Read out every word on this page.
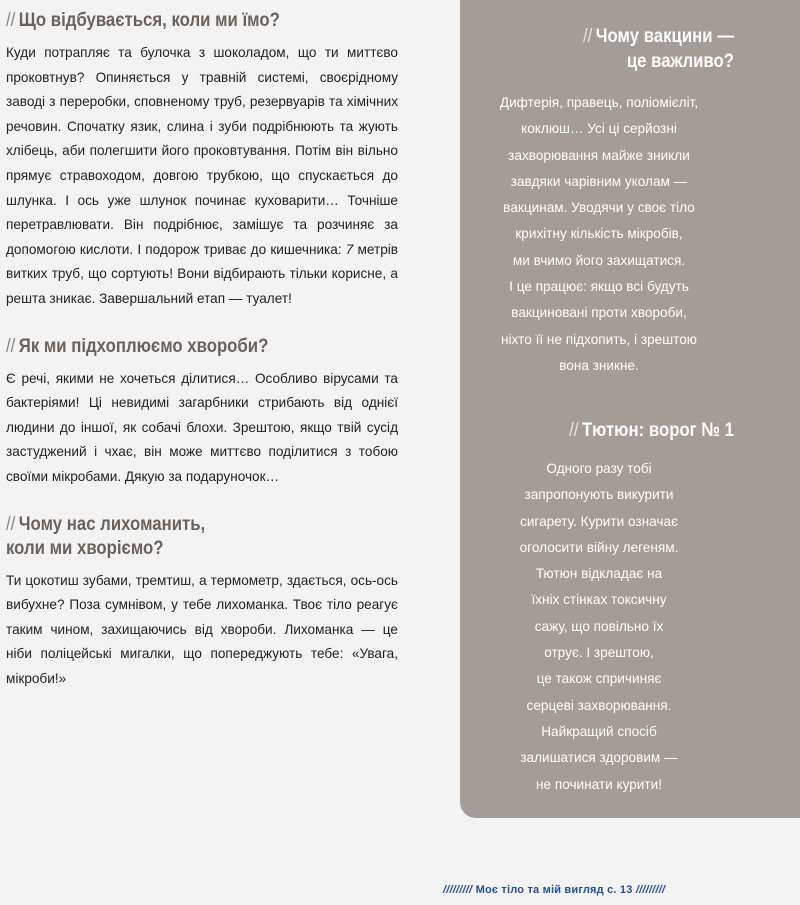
// Що відбувається, коли ми їмо?

Куди потрапляє та булочка з шоколадом, що ти миттєво проковтнув? Опиняється у травній системі, своєрідному заводі з переробки, сповненому труб, резервуарів та хімічних речовин. Спочатку язик, слина і зуби подрібнюють та жують хлібець, аби полегшити його проковтування. Потім він вільно прямує стравоходом, довгою трубкою, що спускається до шлунка. І ось уже шлунок починає куховарити… Точніше перетравлювати. Він подрібнює, замішує та розчиняє за допомогою кислоти. І подорож триває до кишечника: 7 метрів витких труб, що сортують! Вони відбирають тільки корисне, а решта зникає. Завершальний етап — туалет!

// Як ми підхоплюємо хвороби?

Є речі, якими не хочеться ділитися… Особливо вірусами та бактеріями! Ці невидимі загарбники стрибають від однієї людини до іншої, як собачі блохи. Зрештою, якщо твій сусід застуджений і чхає, він може миттєво поділитися з тобою своїми мікробами. Дякую за подаруночок…

// Чому нас лихоманить,
коли ми хворіємо?

Ти цокотиш зубами, тремтиш, а термометр, здається, ось-ось вибухне? Поза сумнівом, у тебе лихоманка. Твоє тіло реагує таким чином, захищаючись від хвороби. Лихоманка — це ніби поліцейські мигалки, що попереджують тебе: «Увага, мікроби!»

// Чому вакцини —
це важливо?

Дифтерія, правець, поліомієліт,

коклюш… Усі ці серйозні

захворювання майже зникли

завдяки чарівним уколам —

вакцинам. Уводячи у своє тіло

крихітну кількість мікробів,

ми вчимо його захищатися.

І це працює: якщо всі будуть

вакциновані проти хвороби,

ніхто її не підхопить, і зрештою

вона зникне.

// Тютюн: ворог № 1

Одного разу тобі

запропонують викурити

сигарету. Курити означає

оголосити війну легеням.

Тютюн відкладає на

їхніх стінках токсичну

сажу, що повільно їх

отрує. І зрештою,

це також спричиняє

серцеві захворювання.

Найкращий спосіб

залишатися здоровим —

не починати курити!

///////// Моє тіло та мій вигляд с. 13 /////////
